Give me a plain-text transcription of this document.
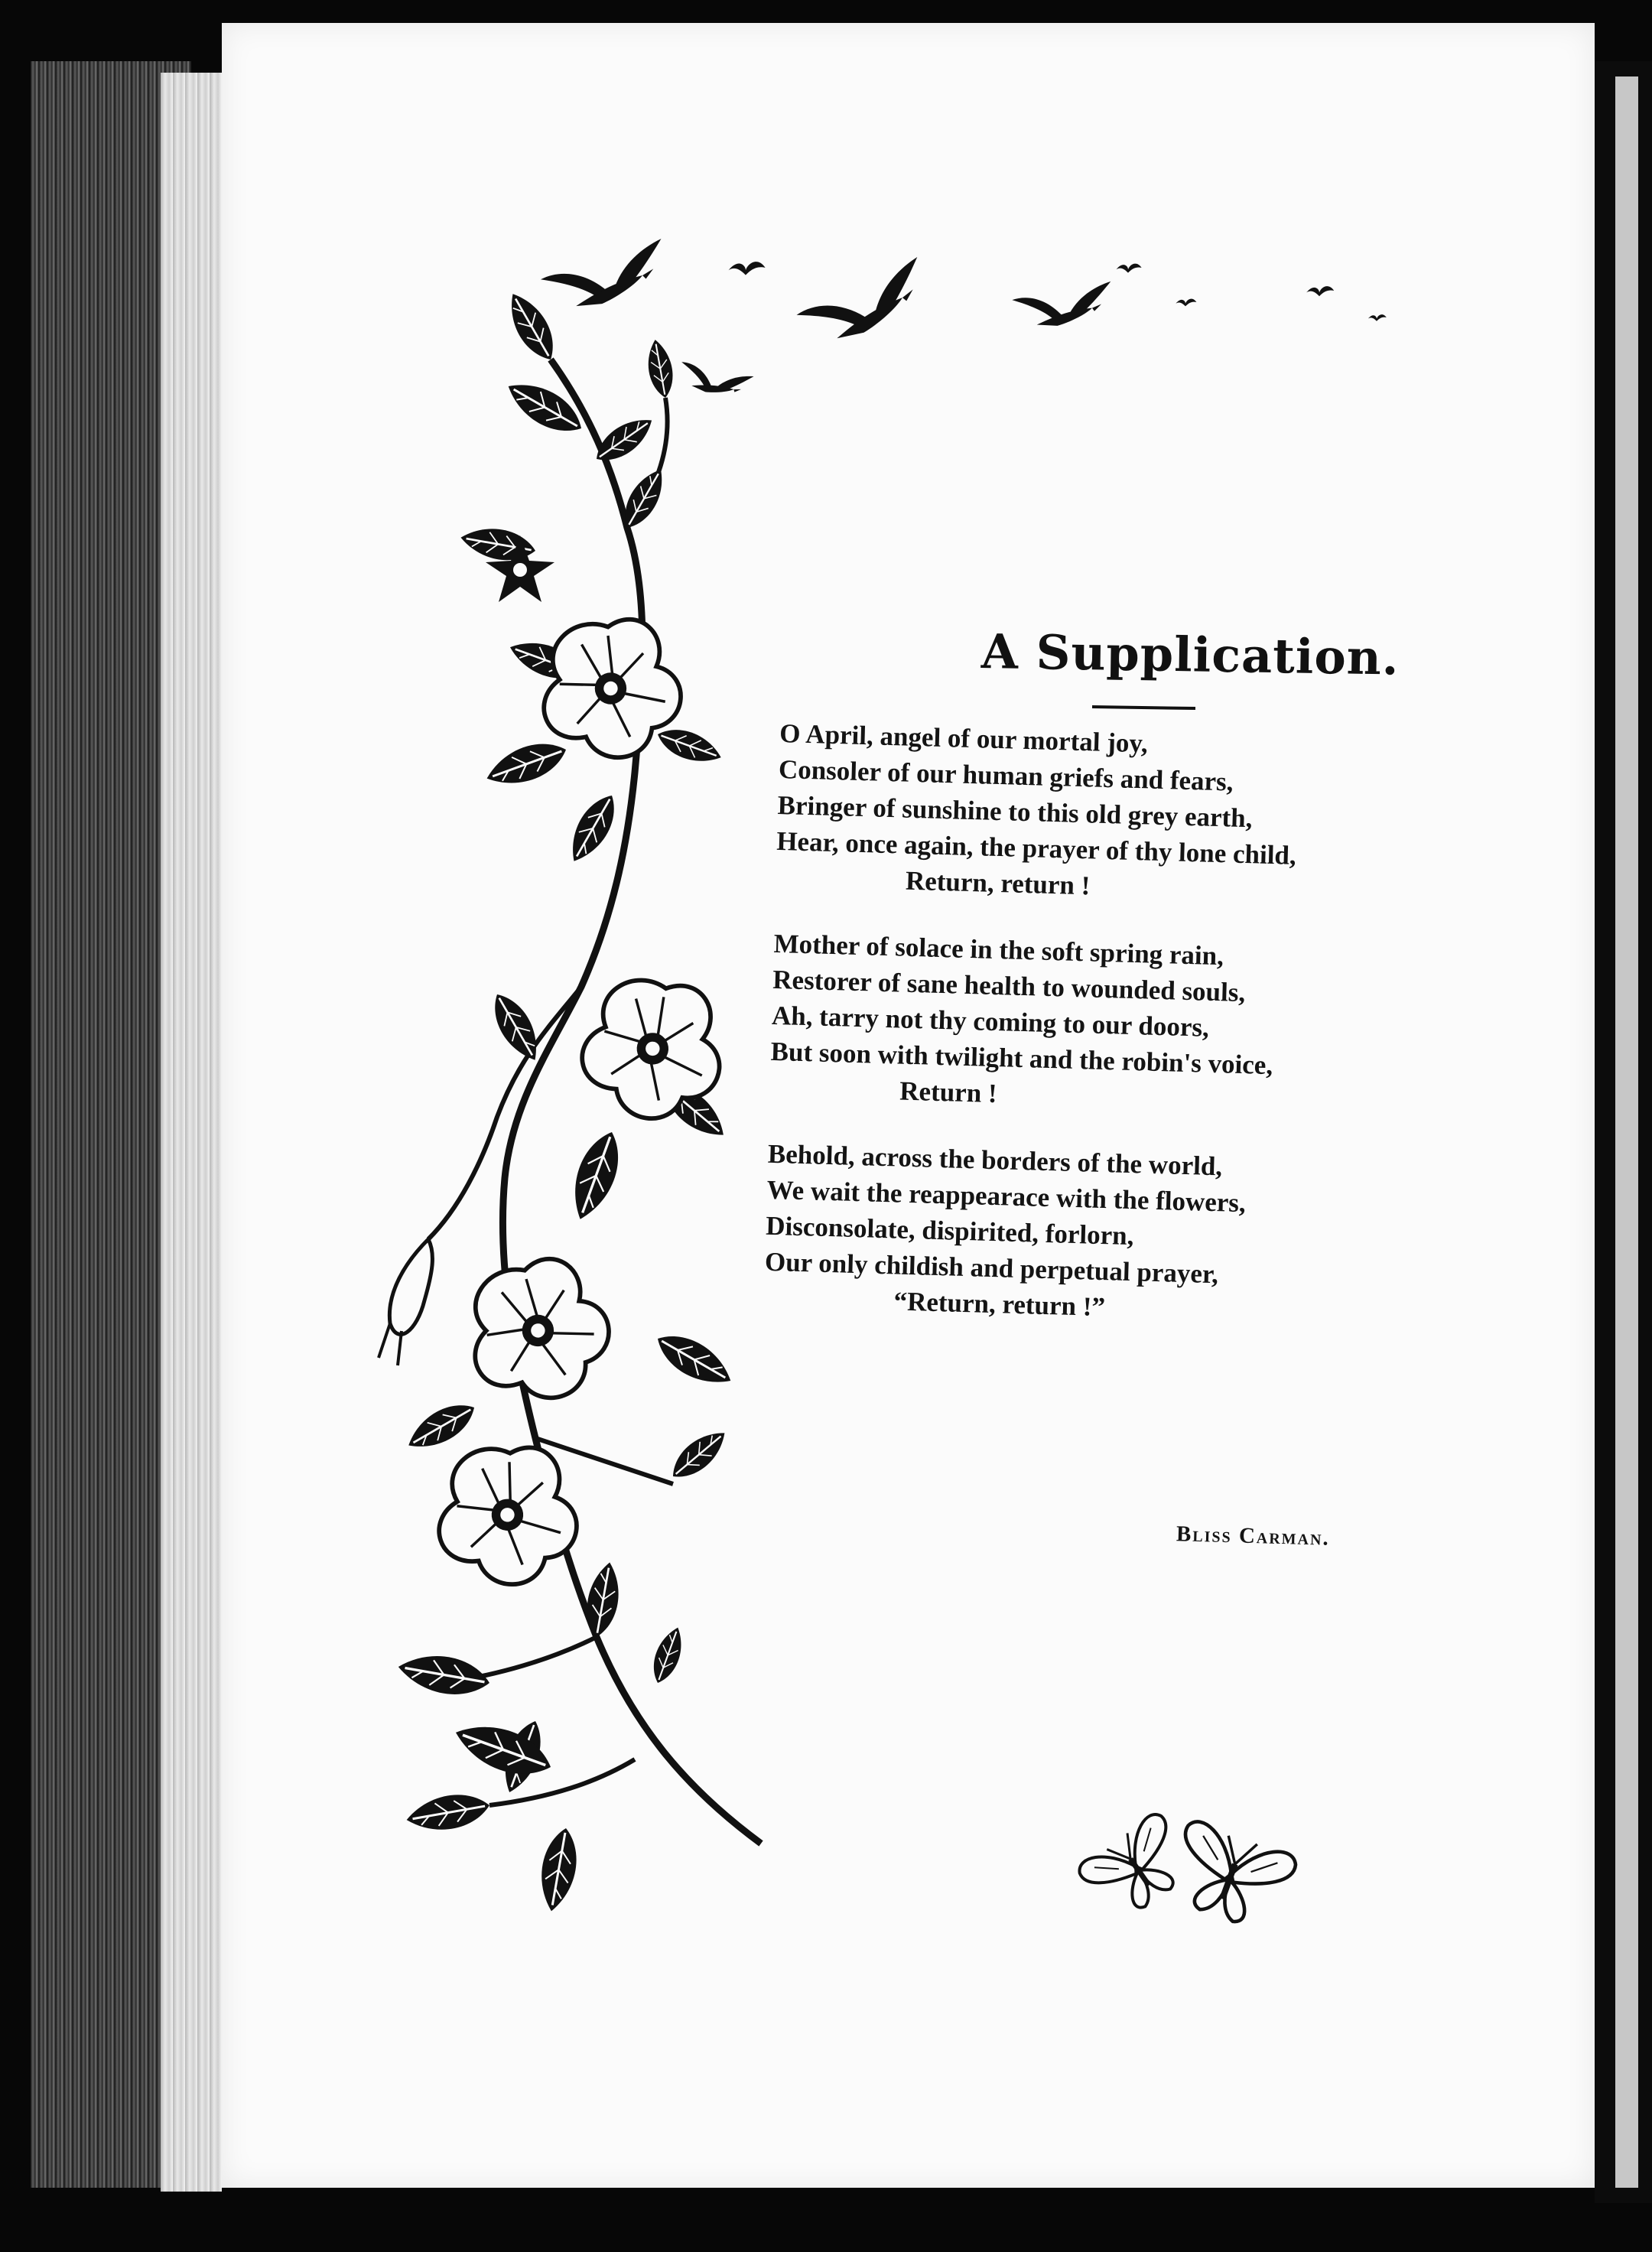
A Supplication.
O April, angel of our mortal joy,
Consoler of our human griefs and fears,
Bringer of sunshine to this old grey earth,
Hear, once again, the prayer of thy lone child,
Return, return !
Mother of solace in the soft spring rain,
Restorer of sane health to wounded souls,
Ah, tarry not thy coming to our doors,
But soon with twilight and the robin's voice,
Return !
Behold, across the borders of the world,
We wait the reappearace with the flowers,
Disconsolate, dispirited, forlorn,
Our only childish and perpetual prayer,
“Return, return !”
Bliss Carman.
